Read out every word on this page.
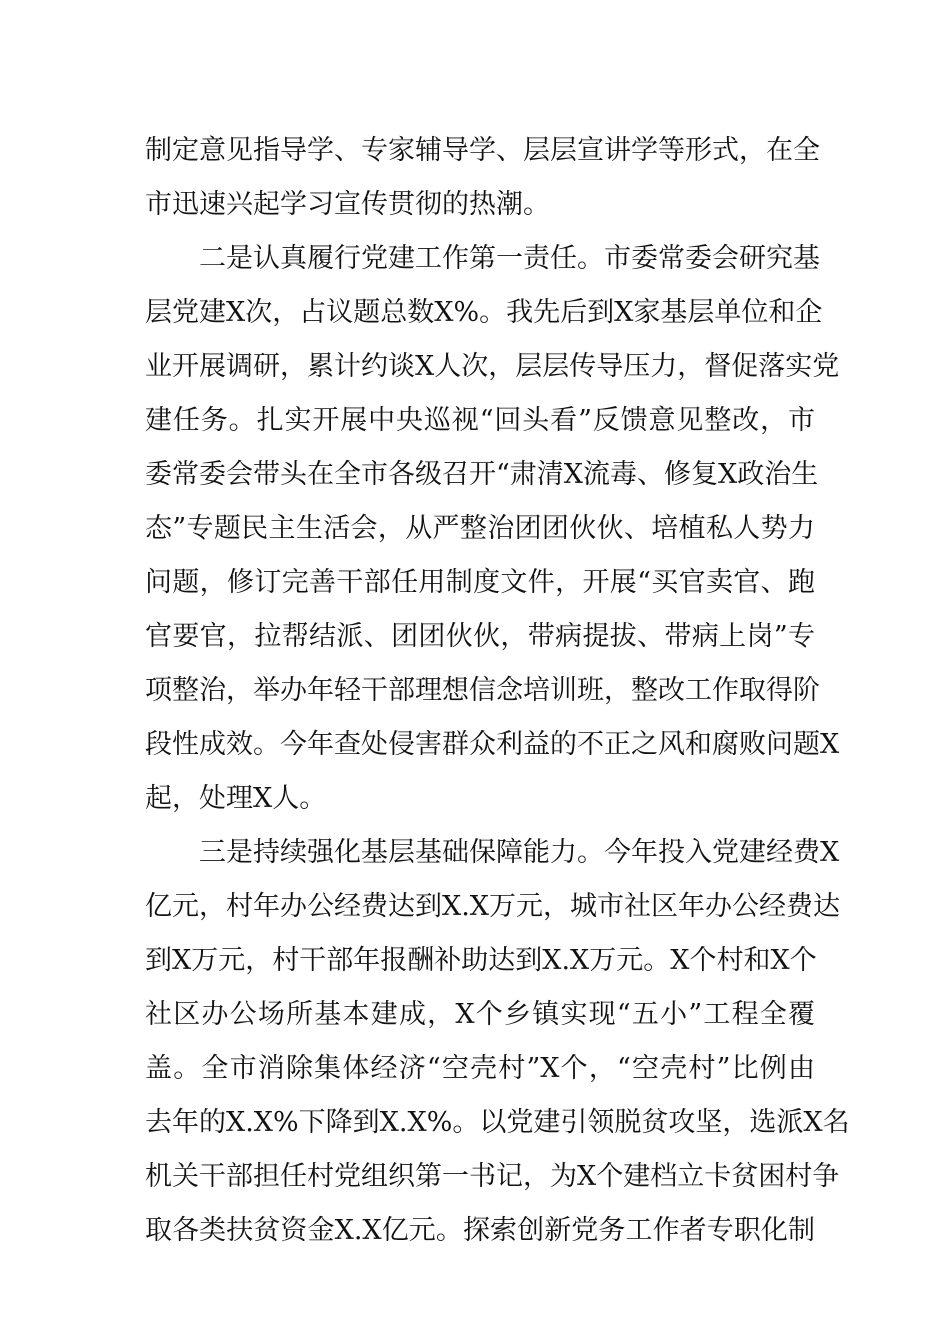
制定意见指导学、专家辅导学、层层宣讲学等形式，在全
市迅速兴起学习宣传贯彻的热潮。
二是认真履行党建工作第一责任。市委常委会研究基
层党建X次，占议题总数X%。我先后到X家基层单位和企
业开展调研，累计约谈X人次，层层传导压力，督促落实党
建任务。扎实开展中央巡视“回头看”反馈意见整改，市
委常委会带头在全市各级召开“肃清X流毒、修复X政治生
态”专题民主生活会，从严整治团团伙伙、培植私人势力
问题，修订完善干部任用制度文件，开展“买官卖官、跑
官要官，拉帮结派、团团伙伙，带病提拔、带病上岗”专
项整治，举办年轻干部理想信念培训班，整改工作取得阶
段性成效。今年查处侵害群众利益的不正之风和腐败问题X
起，处理X人。
三是持续强化基层基础保障能力。今年投入党建经费X
亿元，村年办公经费达到X.X万元，城市社区年办公经费达
到X万元，村干部年报酬补助达到X.X万元。X个村和X个
社区办公场所基本建成，X个乡镇实现“五小”工程全覆
盖。全市消除集体经济“空壳村”X个，“空壳村”比例由
去年的X.X%下降到X.X%。以党建引领脱贫攻坚，选派X名
机关干部担任村党组织第一书记，为X个建档立卡贫困村争
取各类扶贫资金X.X亿元。探索创新党务工作者专职化制
